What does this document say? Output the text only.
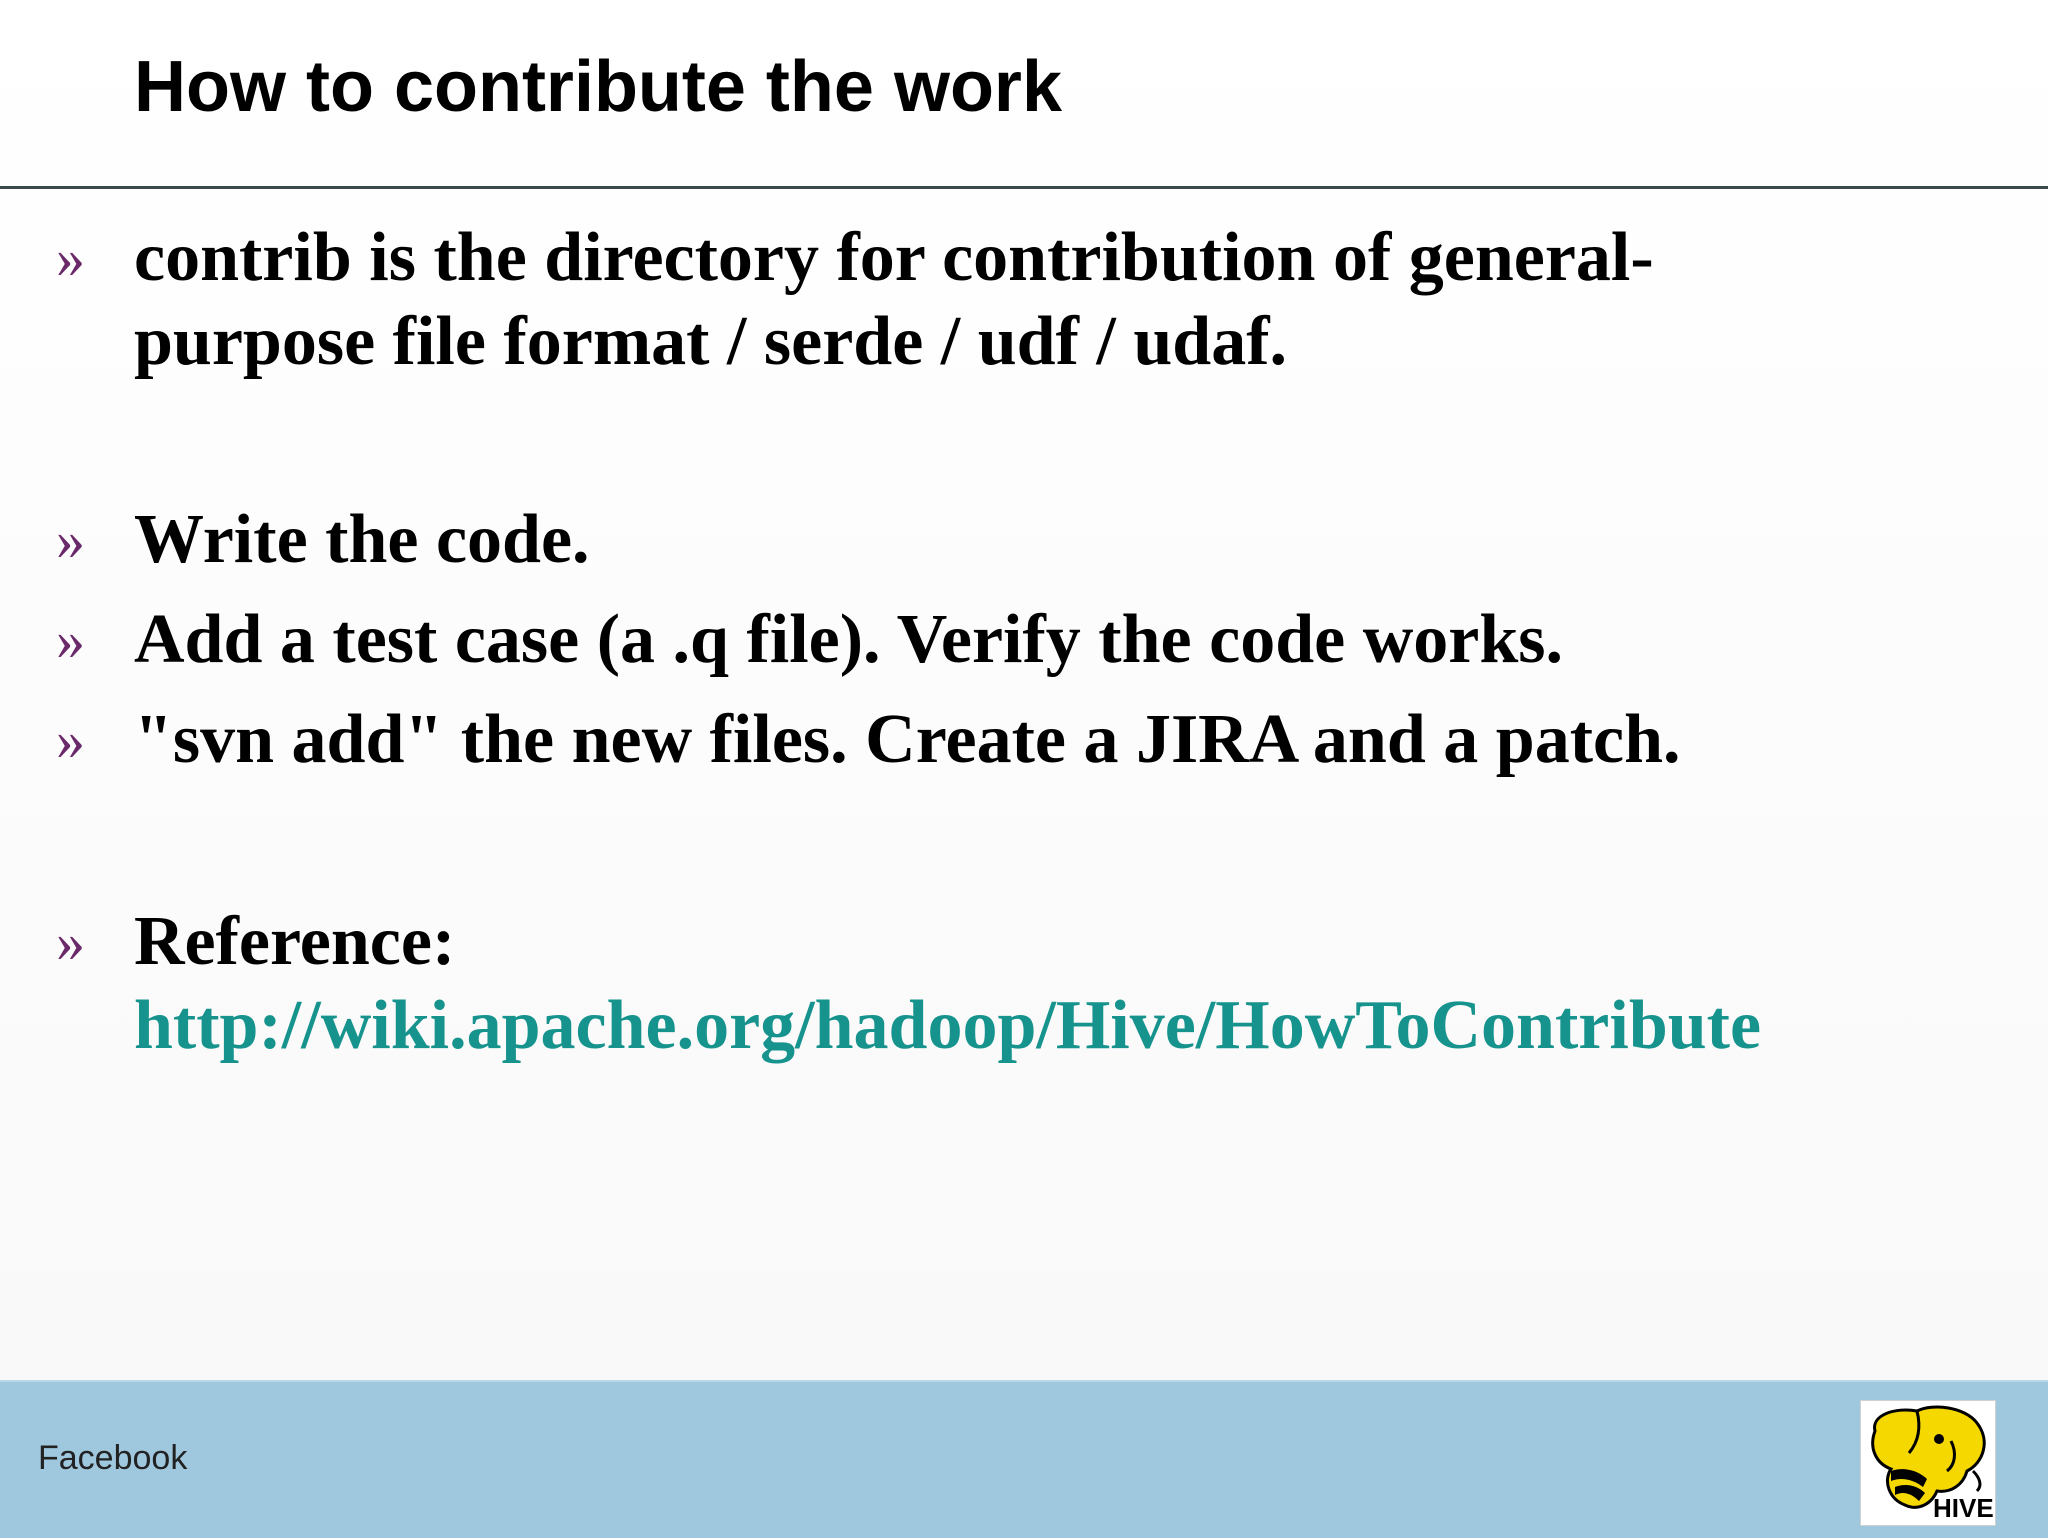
How to contribute the work
» contrib is the directory for contribution of general-purpose file format / serde / udf / udaf.
» Write the code.
» Add a test case (a .q file). Verify the code works.
» "svn add" the new files. Create a JIRA and a patch.
» Reference:
http://wiki.apache.org/hadoop/Hive/HowToContribute
Facebook
HIVE
